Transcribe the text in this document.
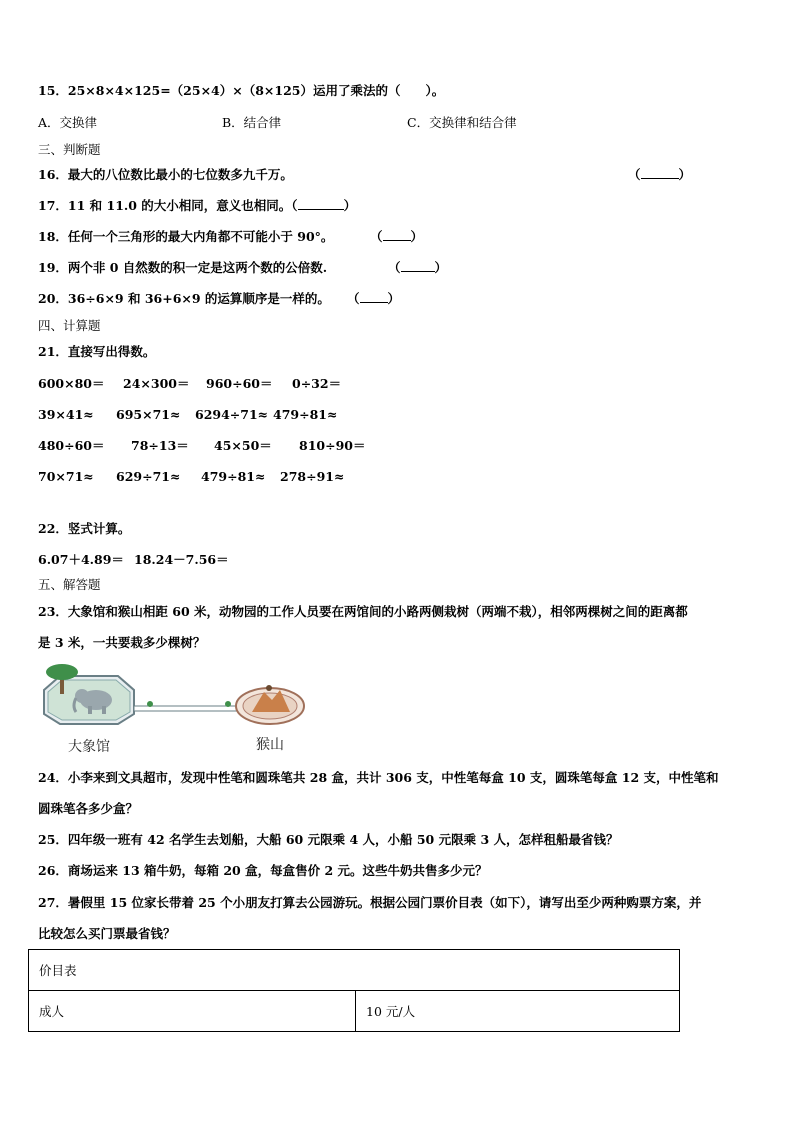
15．25×8×4×125=（25×4）×（8×125）运用了乘法的（　　）。
A．交换律	B．结合律	C．交换律和结合律
三、判断题
16．最大的八位数比最小的七位数多九千万。	（	）
17．11 和 11.0 的大小相同，意义也相同。（	）
18．任何一个三角形的最大内角都不可能小于 90°。	（ ）
19．两个非 0 自然数的积一定是这两个数的公倍数.	（	）
20．36÷6×9 和 36+6×9 的运算顺序是一样的。 （ ）
四、计算题
21．直接写出得数。
600×80＝ 24×300＝ 960÷60＝ 0÷32＝
39×41≈ 695×71≈ 6294÷71≈ 479÷81≈
480÷60＝ 78÷13＝ 45×50＝ 810÷90＝
70×71≈ 629÷71≈ 479÷81≈ 278÷91≈
22．竖式计算。
6.07＋4.89＝ 18.24－7.56＝
五、解答题
23．大象馆和猴山相距 60 米，动物园的工作人员要在两馆间的小路两侧栽树（两端不栽），相邻两棵树之间的距离都
是 3 米，一共要栽多少棵树？
大象馆	猴山
24．小李来到文具超市，发现中性笔和圆珠笔共 28 盒，共计 306 支，中性笔每盒 10 支，圆珠笔每盒 12 支，中性笔和
圆珠笔各多少盒？
25．四年级一班有 42 名学生去划船，大船 60 元限乘 4 人，小船 50 元限乘 3 人，怎样租船最省钱？
26．商场运来 13 箱牛奶，每箱 20 盒，每盒售价 2 元。这些牛奶共售多少元？
27．暑假里 15 位家长带着 25 个小朋友打算去公园游玩。根据公园门票价目表（如下），请写出至少两种购票方案，并
比较怎么买门票最省钱？
价目表
成人	10 元/人
